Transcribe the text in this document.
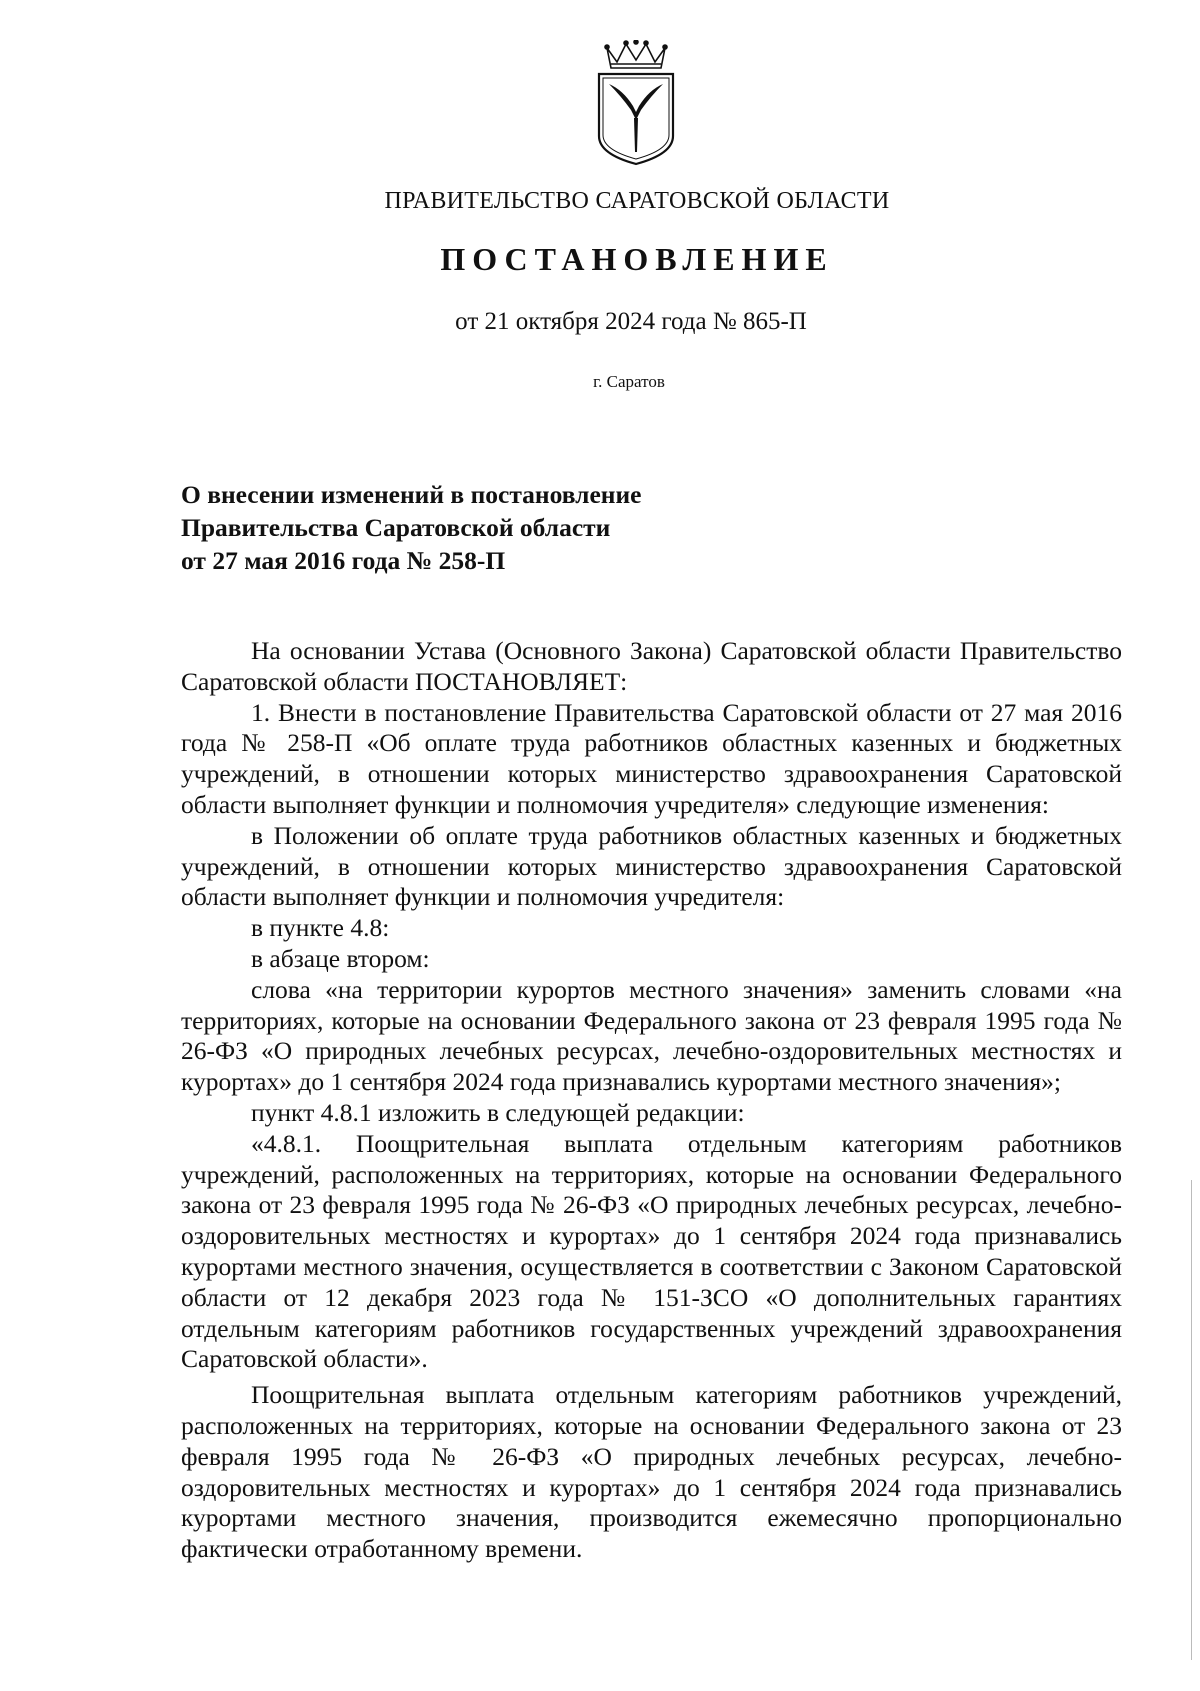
ПРАВИТЕЛЬСТВО САРАТОВСКОЙ ОБЛАСТИ
ПОСТАНОВЛЕНИЕ
от 21 октября 2024 года № 865-П
г. Саратов
О внесении изменений в постановление
Правительства Саратовской области
от 27 мая 2016 года № 258-П

На основании Устава (Основного Закона) Саратовской области Правительство Саратовской области ПОСТАНОВЛЯЕТ:

1. Внести в постановление Правительства Саратовской области от 27 мая 2016 года № 258-П «Об оплате труда работников областных казенных и бюджетных учреждений, в отношении которых министерство здравоохранения Саратовской области выполняет функции и полномочия учредителя» следующие изменения:

в Положении об оплате труда работников областных казенных и бюджетных учреждений, в отношении которых министерство здравоохранения Саратовской области выполняет функции и полномочия учредителя:

в пункте 4.8:

в абзаце втором:

слова «на территории курортов местного значения» заменить словами «на территориях, которые на основании Федерального закона от 23 февраля 1995 года № 26-ФЗ «О природных лечебных ресурсах, лечебно-оздоровительных местностях и курортах» до 1 сентября 2024 года признавались курортами местного значения»;

пункт 4.8.1 изложить в следующей редакции:

«4.8.1. Поощрительная выплата отдельным категориям работников учреждений, расположенных на территориях, которые на основании Федерального закона от 23 февраля 1995 года № 26-ФЗ «О природных лечебных ресурсах, лечебно-оздоровительных местностях и курортах» до 1 сентября 2024 года признавались курортами местного значения, осуществляется в соответствии с Законом Саратовской области от 12 декабря 2023 года № 151-ЗСО «О дополнительных гарантиях отдельным категориям работников государственных учреждений здравоохранения Саратовской области».

Поощрительная выплата отдельным категориям работников учреждений, расположенных на территориях, которые на основании Федерального закона от 23 февраля 1995 года № 26-ФЗ «О природных лечебных ресурсах, лечебно-оздоровительных местностях и курортах» до 1 сентября 2024 года признавались курортами местного значения, производится ежемесячно пропорционально фактически отработанному времени.
